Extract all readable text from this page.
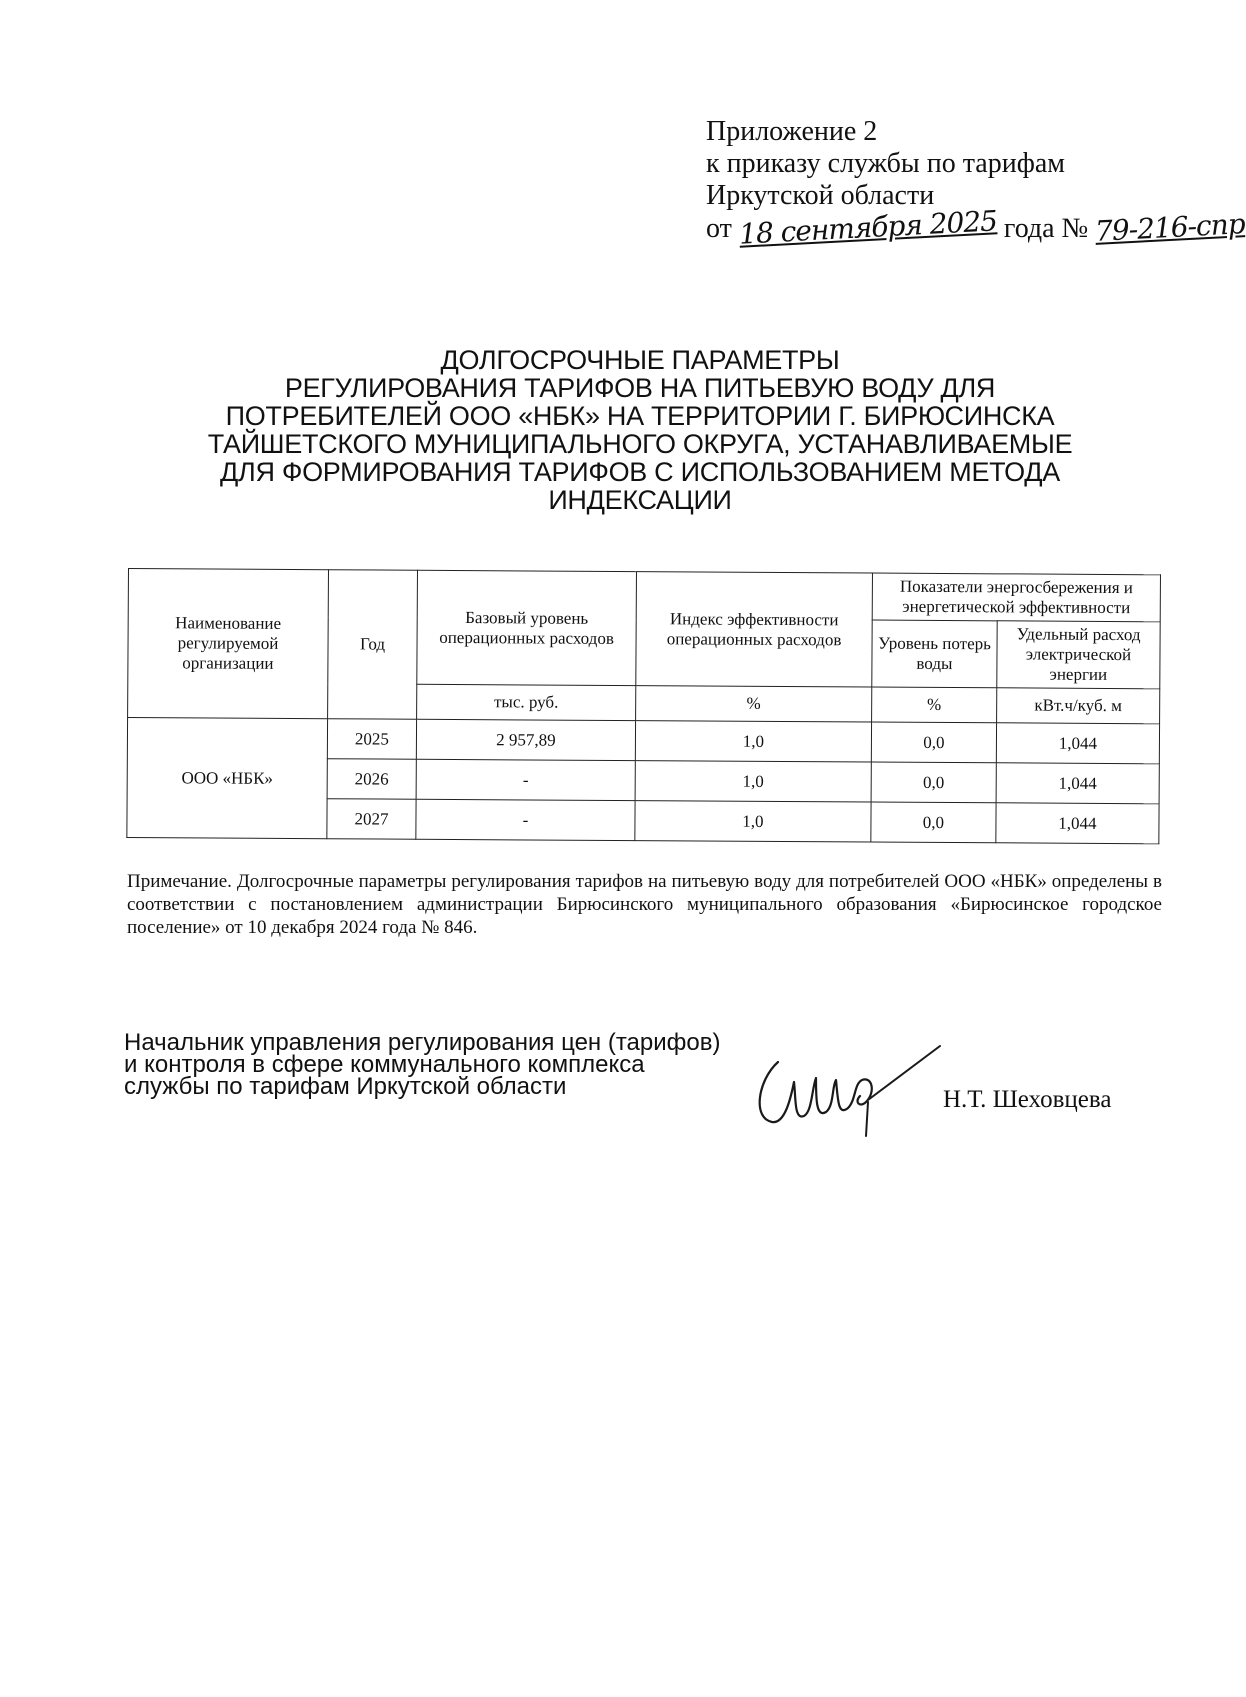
Приложение 2
к приказу службы по тарифам
Иркутской области
от 18 сентября 2025 года № 79-216-спр
ДОЛГОСРОЧНЫЕ ПАРАМЕТРЫ
РЕГУЛИРОВАНИЯ ТАРИФОВ НА ПИТЬЕВУЮ ВОДУ ДЛЯ
ПОТРЕБИТЕЛЕЙ ООО «НБК» НА ТЕРРИТОРИИ Г. БИРЮСИНСКА
ТАЙШЕТСКОГО МУНИЦИПАЛЬНОГО ОКРУГА, УСТАНАВЛИВАЕМЫЕ
ДЛЯ ФОРМИРОВАНИЯ ТАРИФОВ С ИСПОЛЬЗОВАНИЕМ МЕТОДА
ИНДЕКСАЦИИ
Наименование регулируемой организации	Год	Базовый уровень операционных расходов	Индекс эффективности операционных расходов	Показатели энергосбережения и энергетической эффективности	
				Уровень потерь воды	Удельный расход электрической энергии
		тыс. руб.	%	%	кВт.ч/куб. м
ООО «НБК»	2025	2 957,89	1,0	0,0	1,044
	2026	-	1,0	0,0	1,044
	2027	-	1,0	0,0	1,044
Примечание. Долгосрочные параметры регулирования тарифов на питьевую воду для потребителей ООО «НБК» определены в соответствии с постановлением администрации Бирюсинского муниципального образования «Бирюсинское городское поселение» от 10 декабря 2024 года № 846.
Начальник управления регулирования цен (тарифов)
и контроля в сфере коммунального комплекса
службы по тарифам Иркутской области	Н.Т. Шеховцева
